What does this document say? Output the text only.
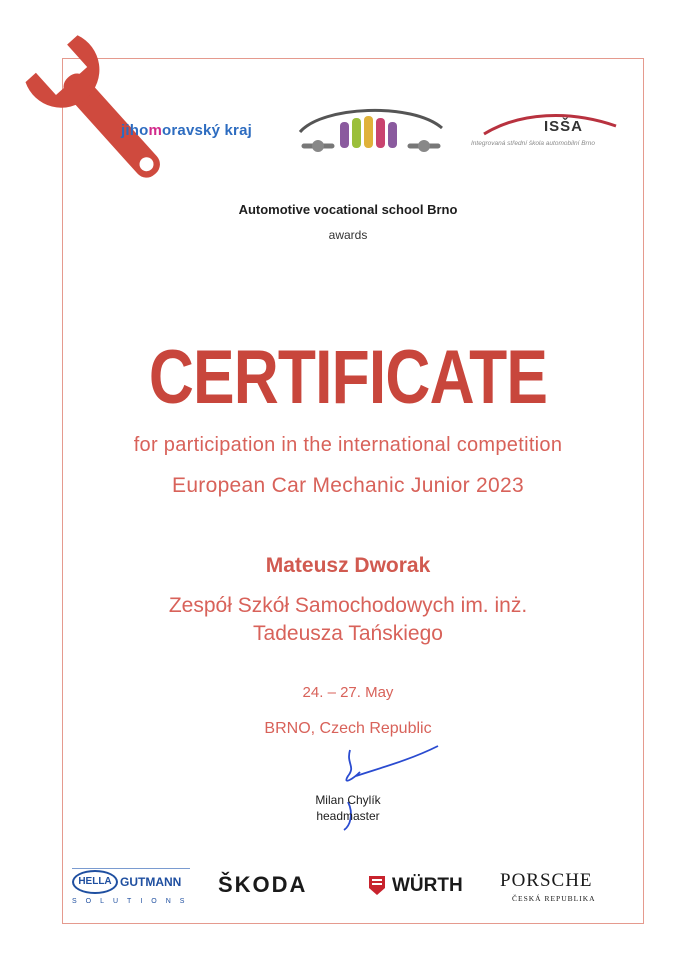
jihomoravský kraj	ISŠA
Integrovaná střední škola automobilní Brno
Automotive vocational school Brno
awards
CERTIFICATE
for participation in the international competition
European Car Mechanic Junior 2023
Mateusz Dworak
Zespół Szkół Samochodowych im. inż.
Tadeusza Tańskiego
24. – 27. May
BRNO, Czech Republic
Milan Chylík
headmaster
HELLA GUTMANN
SOLUTIONS
ŠKODA	WÜRTH PORSCHE
ČESKÁ REPUBLIKA
